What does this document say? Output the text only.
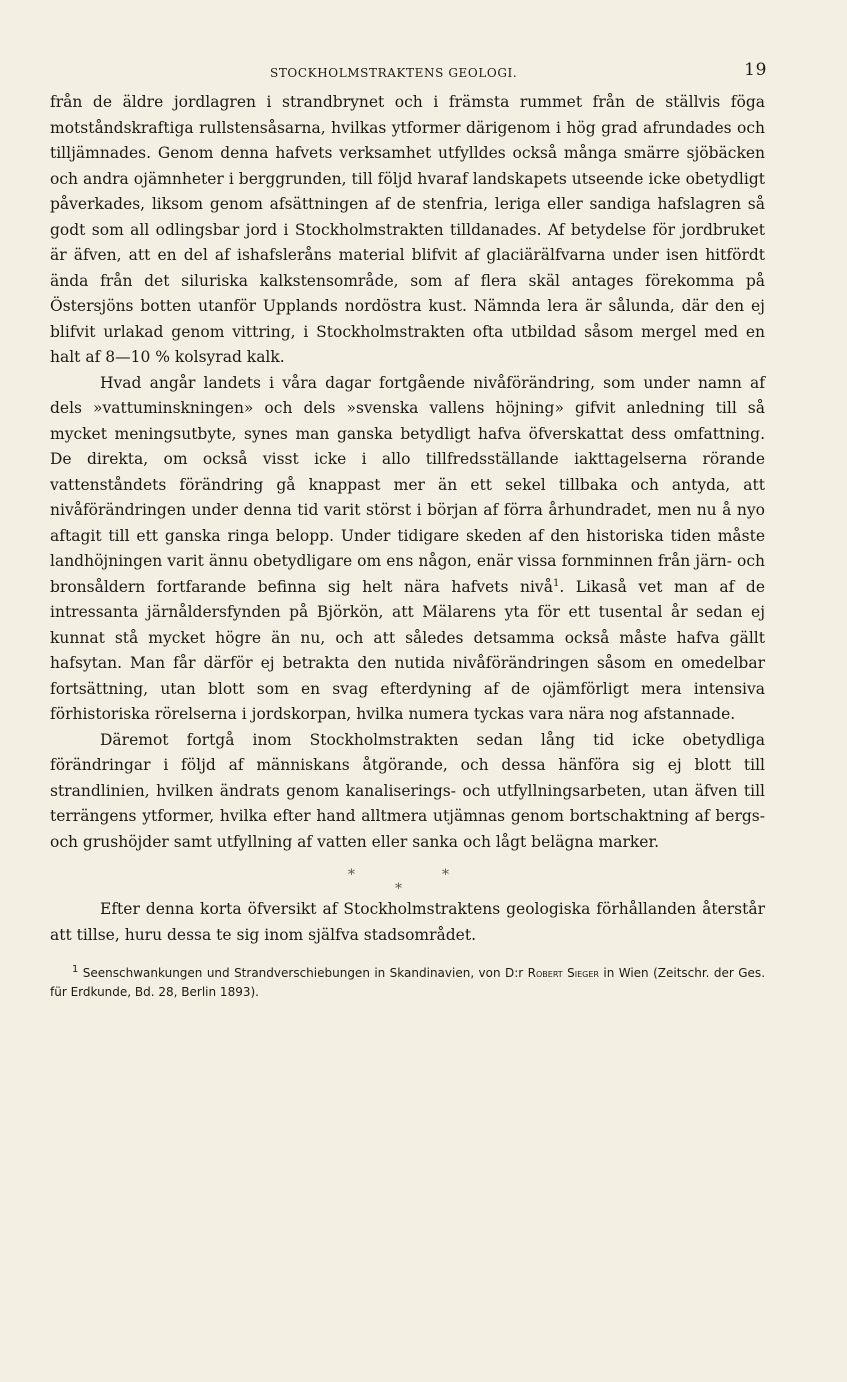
STOCKHOLMSTRAKTENS GEOLOGI.	19

från de äldre jordlagren i strandbrynet och i främsta rummet från de ställvis föga motståndskraftiga rullstensåsarna, hvilkas ytformer därigenom i hög grad afrundades och tilljämnades. Genom denna hafvets verksamhet utfylldes också många smärre sjöbäcken och andra ojämnheter i berggrunden, till följd hvaraf landskapets utseende icke obetydligt påverkades, liksom genom afsättningen af de stenfria, leriga eller sandiga hafslagren så godt som all odlingsbar jord i Stockholmstrakten tilldanades. Af betydelse för jordbruket är äfven, att en del af ishafsleråns material blifvit af glaciärälfvarna under isen hitfördt ända från det siluriska kalkstensområde, som af flera skäl antages förekomma på Östersjöns botten utanför Upplands nordöstra kust. Nämnda lera är sålunda, där den ej blifvit urlakad genom vittring, i Stockholmstrakten ofta utbildad såsom mergel med en halt af 8—10 % kolsyrad kalk.

Hvad angår landets i våra dagar fortgående nivåförändring, som under namn af dels »vattuminskningen» och dels »svenska vallens höjning» gifvit anledning till så mycket meningsutbyte, synes man ganska betydligt hafva öfverskattat dess omfattning. De direkta, om också visst icke i allo tillfredsställande iakttagelserna rörande vattenståndets förändring gå knappast mer än ett sekel tillbaka och antyda, att nivåförändringen under denna tid varit störst i början af förra århundradet, men nu å nyo aftagit till ett ganska ringa belopp. Under tidigare skeden af den historiska tiden måste landhöjningen varit ännu obetydligare om ens någon, enär vissa fornminnen från järn- och bronsåldern fortfarande befinna sig helt nära hafvets nivå$^1$. Likaså vet man af de intressanta järnåldersfynden på Björkön, att Mälarens yta för ett tusental år sedan ej kunnat stå mycket högre än nu, och att således detsamma också måste hafva gällt hafsytan. Man får därför ej betrakta den nutida nivåförändringen såsom en omedelbar fortsättning, utan blott som en svag efterdyning af de ojämförligt mera intensiva förhistoriska rörelserna i jordskorpan, hvilka numera tyckas vara nära nog afstannade.

Däremot fortgå inom Stockholmstrakten sedan lång tid icke obetydliga förändringar i följd af människans åtgörande, och dessa hänföra sig ej blott till strandlinien, hvilken ändrats genom kanaliserings- och utfyllningsarbeten, utan äfven till terrängens ytformer, hvilka efter hand alltmera utjämnas genom bortschaktning af bergs- och grushöjder samt utfyllning af vatten eller sanka och lågt belägna marker.

*	*
*

Efter denna korta öfversikt af Stockholmstraktens geologiska förhållanden återstår att tillse, huru dessa te sig inom själfva stadsområdet.

$^1$ Seenschwankungen und Strandverschiebungen in Skandinavien, von D:r Robert Sieger in Wien (Zeitschr. der Ges. für Erdkunde, Bd. 28, Berlin 1893).
